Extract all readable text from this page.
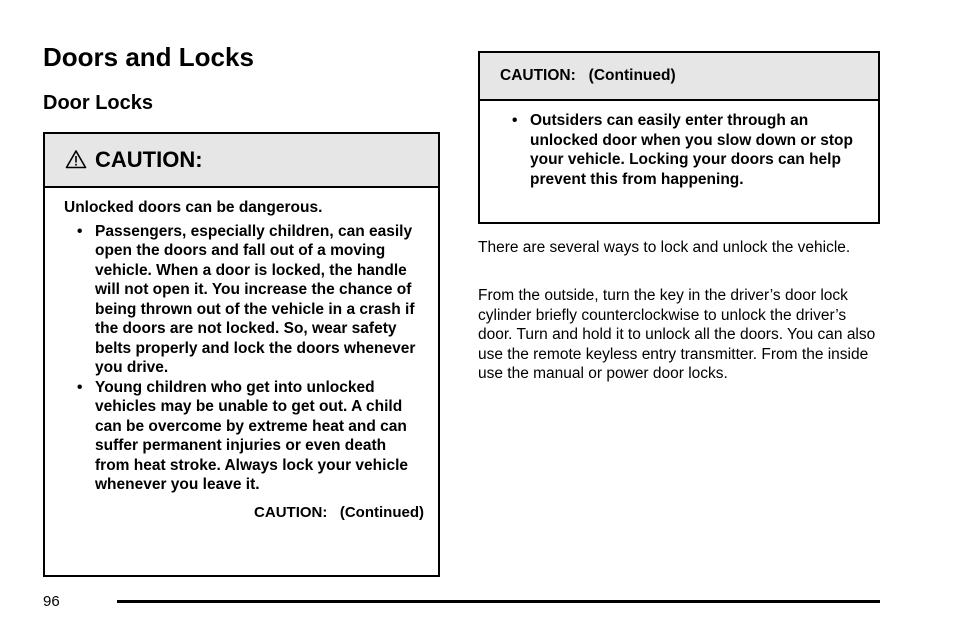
Doors and Locks
Door Locks
CAUTION:

Unlocked doors can be dangerous.

• Passengers, especially children, can easily open the doors and fall out of a moving vehicle. When a door is locked, the handle will not open it. You increase the chance of being thrown out of the vehicle in a crash if the doors are not locked. So, wear safety belts properly and lock the doors whenever you drive.
• Young children who get into unlocked vehicles may be unable to get out. A child can be overcome by extreme heat and can suffer permanent injuries or even death from heat stroke. Always lock your vehicle whenever you leave it.
CAUTION:   (Continued)
CAUTION:   (Continued)
• Outsiders can easily enter through an unlocked door when you slow down or stop your vehicle. Locking your doors can help prevent this from happening.

There are several ways to lock and unlock the vehicle.

From the outside, turn the key in the driver’s door lock cylinder briefly counterclockwise to unlock the driver’s door. Turn and hold it to unlock all the doors. You can also use the remote keyless entry transmitter. From the inside use the manual or power door locks.

96
